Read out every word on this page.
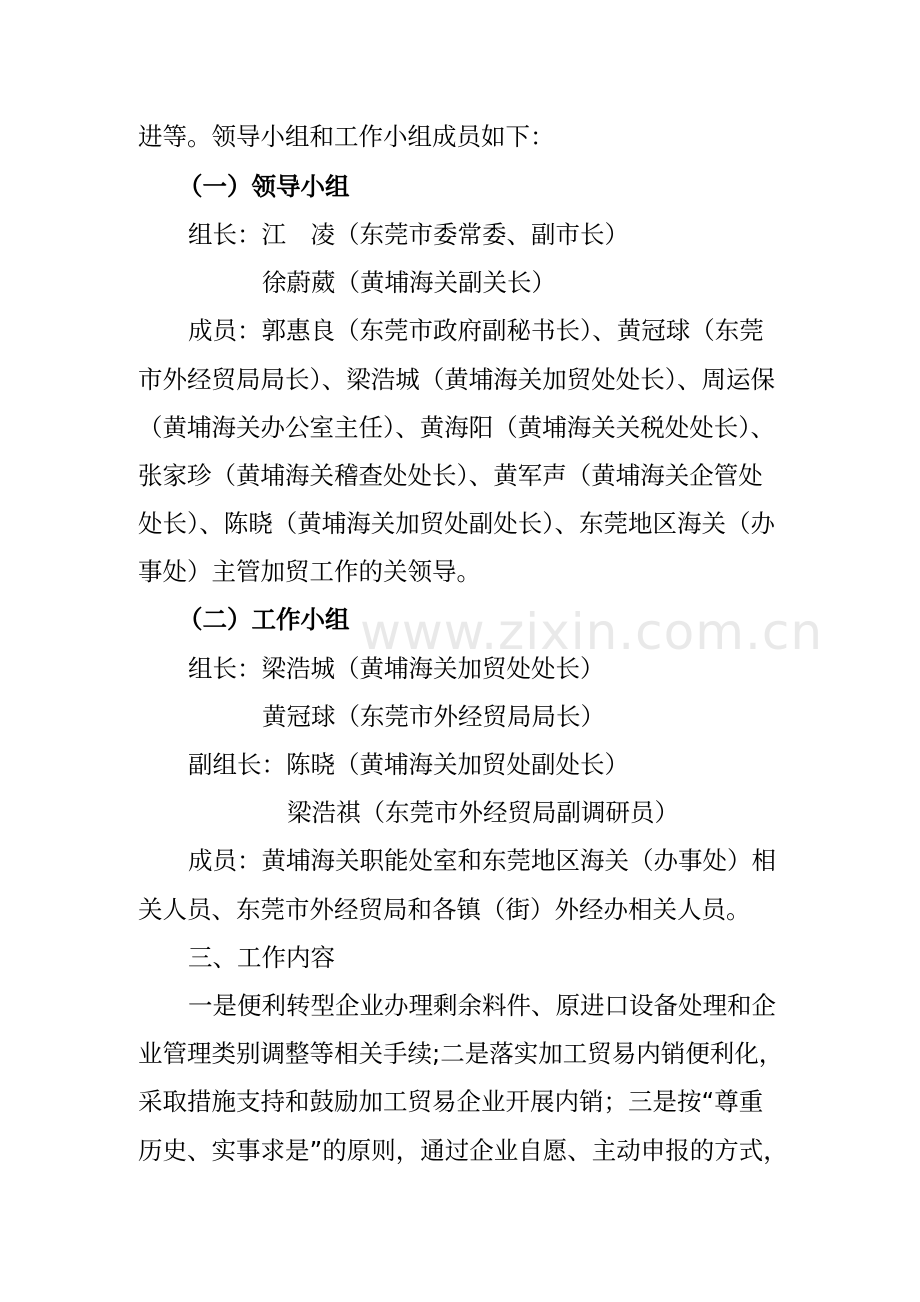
www.zixin.com.cn
进等。领导小组和工作小组成员如下：
（一）领导小组
组长：江　凌（东莞市委常委、副市长）
徐蔚葳（黄埔海关副关长）
成员：郭惠良（东莞市政府副秘书长）、黄冠球（东莞
市外经贸局局长）、梁浩城（黄埔海关加贸处处长）、周运保
（黄埔海关办公室主任）、黄海阳（黄埔海关关税处处长）、
张家珍（黄埔海关稽查处处长）、黄军声（黄埔海关企管处
处长）、陈晓（黄埔海关加贸处副处长）、东莞地区海关（办
事处）主管加贸工作的关领导。
（二）工作小组
组长：梁浩城（黄埔海关加贸处处长）
黄冠球（东莞市外经贸局局长）
副组长：陈晓（黄埔海关加贸处副处长）
梁浩祺（东莞市外经贸局副调研员）
成员：黄埔海关职能处室和东莞地区海关（办事处）相
关人员、东莞市外经贸局和各镇（街）外经办相关人员。
三、工作内容
一是便利转型企业办理剩余料件、原进口设备处理和企
业管理类别调整等相关手续;二是落实加工贸易内销便利化，
采取措施支持和鼓励加工贸易企业开展内销；三是按“尊重
历史、实事求是”的原则，通过企业自愿、主动申报的方式，
